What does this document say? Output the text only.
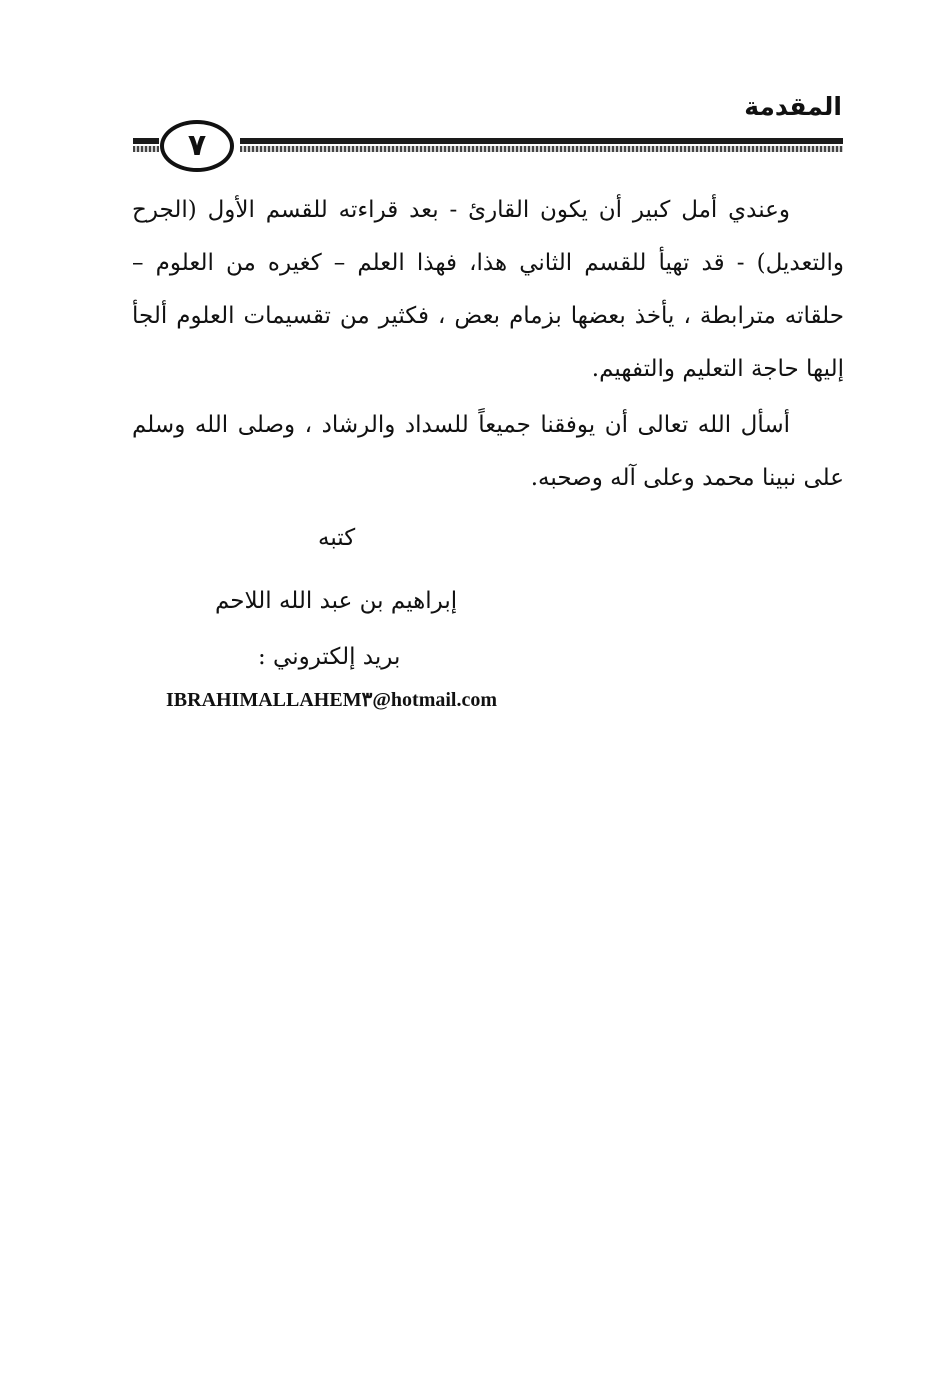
المقدمة
٧

وعندي أمل كبير أن يكون القارئ - بعد قراءته للقسم الأول (الجرح والتعديل) - قد تهيأ للقسم الثاني هذا، فهذا العلم – كغيره من العلوم – حلقاته مترابطة ، يأخذ بعضها بزمام بعض ، فكثير من تقسيمات العلوم ألجأ إليها حاجة التعليم والتفهيم.

أسأل الله تعالى أن يوفقنا جميعاً للسداد والرشاد ، وصلى الله وسلم على نبينا محمد وعلى آله وصحبه.

كتبه
إبراهيم بن عبد الله اللاحم
بريد إلكتروني :
IBRAHIMALLAHEM٣@hotmail.com
